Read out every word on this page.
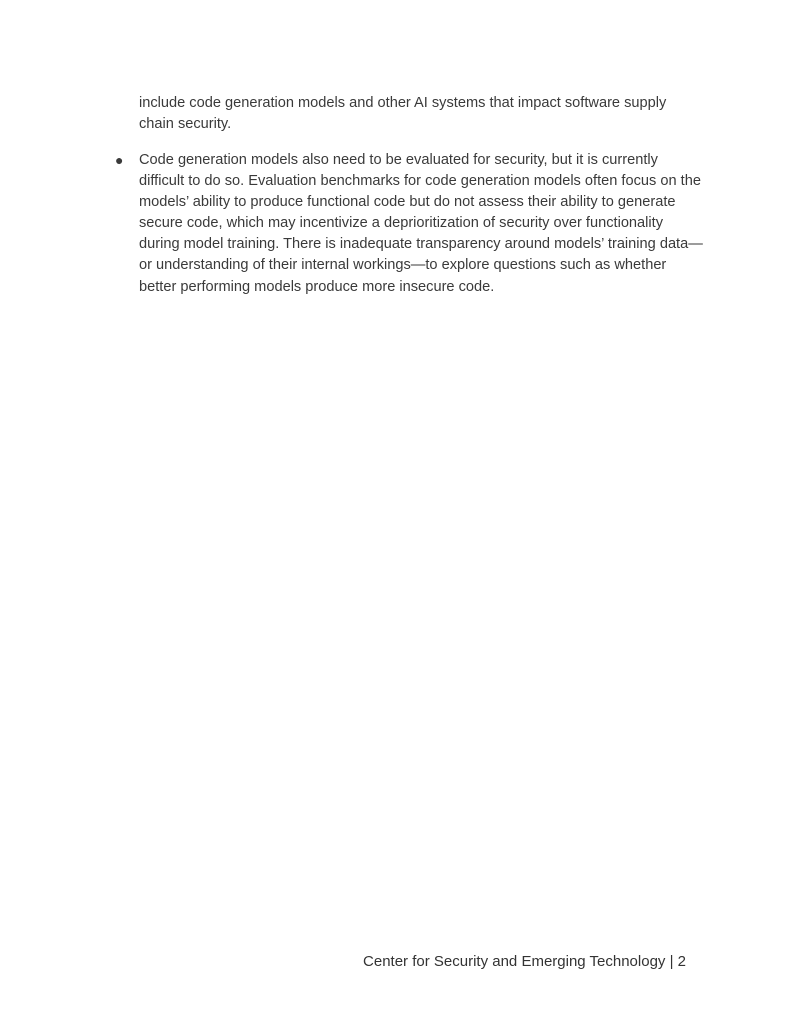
include code generation models and other AI systems that impact software supply chain security.

● Code generation models also need to be evaluated for security, but it is currently difficult to do so. Evaluation benchmarks for code generation models often focus on the models’ ability to produce functional code but do not assess their ability to generate secure code, which may incentivize a deprioritization of security over functionality during model training. There is inadequate transparency around models’ training data—or understanding of their internal workings—to explore questions such as whether better performing models produce more insecure code.

Center for Security and Emerging Technology | 2
